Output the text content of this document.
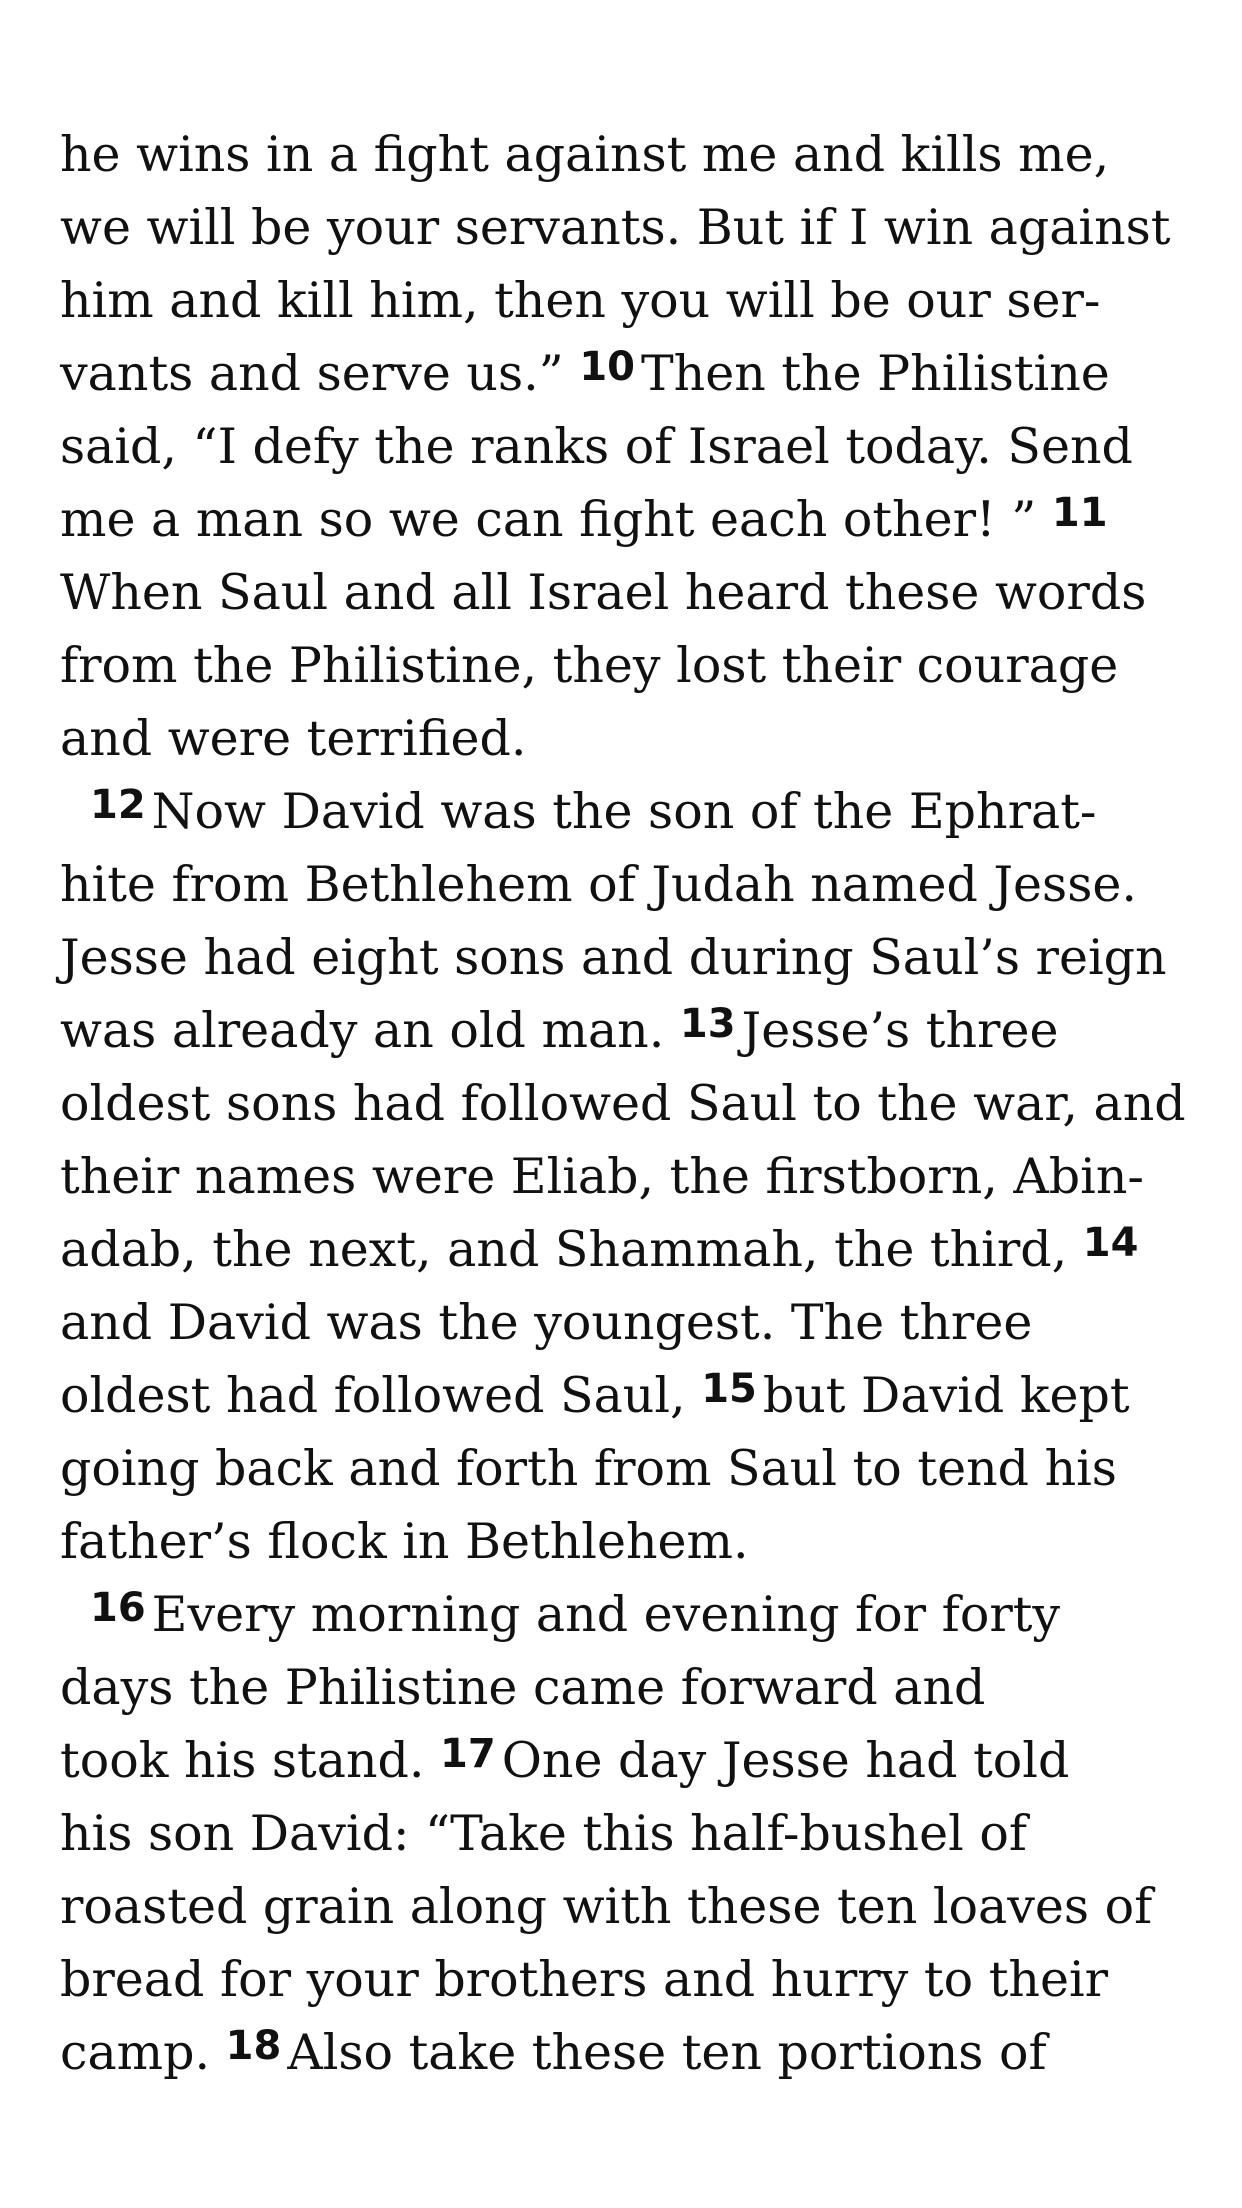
he wins in a fight against me and kills me,
we will be your servants. But if I win against
him and kill him, then you will be our ser-
vants and serve us.” $^{10}$ Then the Philistine
said, “I defy the ranks of Israel today. Send
me a man so we can fight each other! ” $^{11}$
When Saul and all Israel heard these words
from the Philistine, they lost their courage
and were terrified.
$^{12}$ Now David was the son of the Ephrat-
hite from Bethlehem of Judah named Jesse.
Jesse had eight sons and during Saul’s reign
was already an old man. $^{13}$ Jesse’s three
oldest sons had followed Saul to the war, and
their names were Eliab, the firstborn, Abin-
adab, the next, and Shammah, the third, $^{14}$
and David was the youngest. The three
oldest had followed Saul, $^{15}$ but David kept
going back and forth from Saul to tend his
father’s flock in Bethlehem.
$^{16}$ Every morning and evening for forty
days the Philistine came forward and
took his stand. $^{17}$ One day Jesse had told
his son David: “Take this half-bushel of
roasted grain along with these ten loaves of
bread for your brothers and hurry to their
camp. $^{18}$ Also take these ten portions of
